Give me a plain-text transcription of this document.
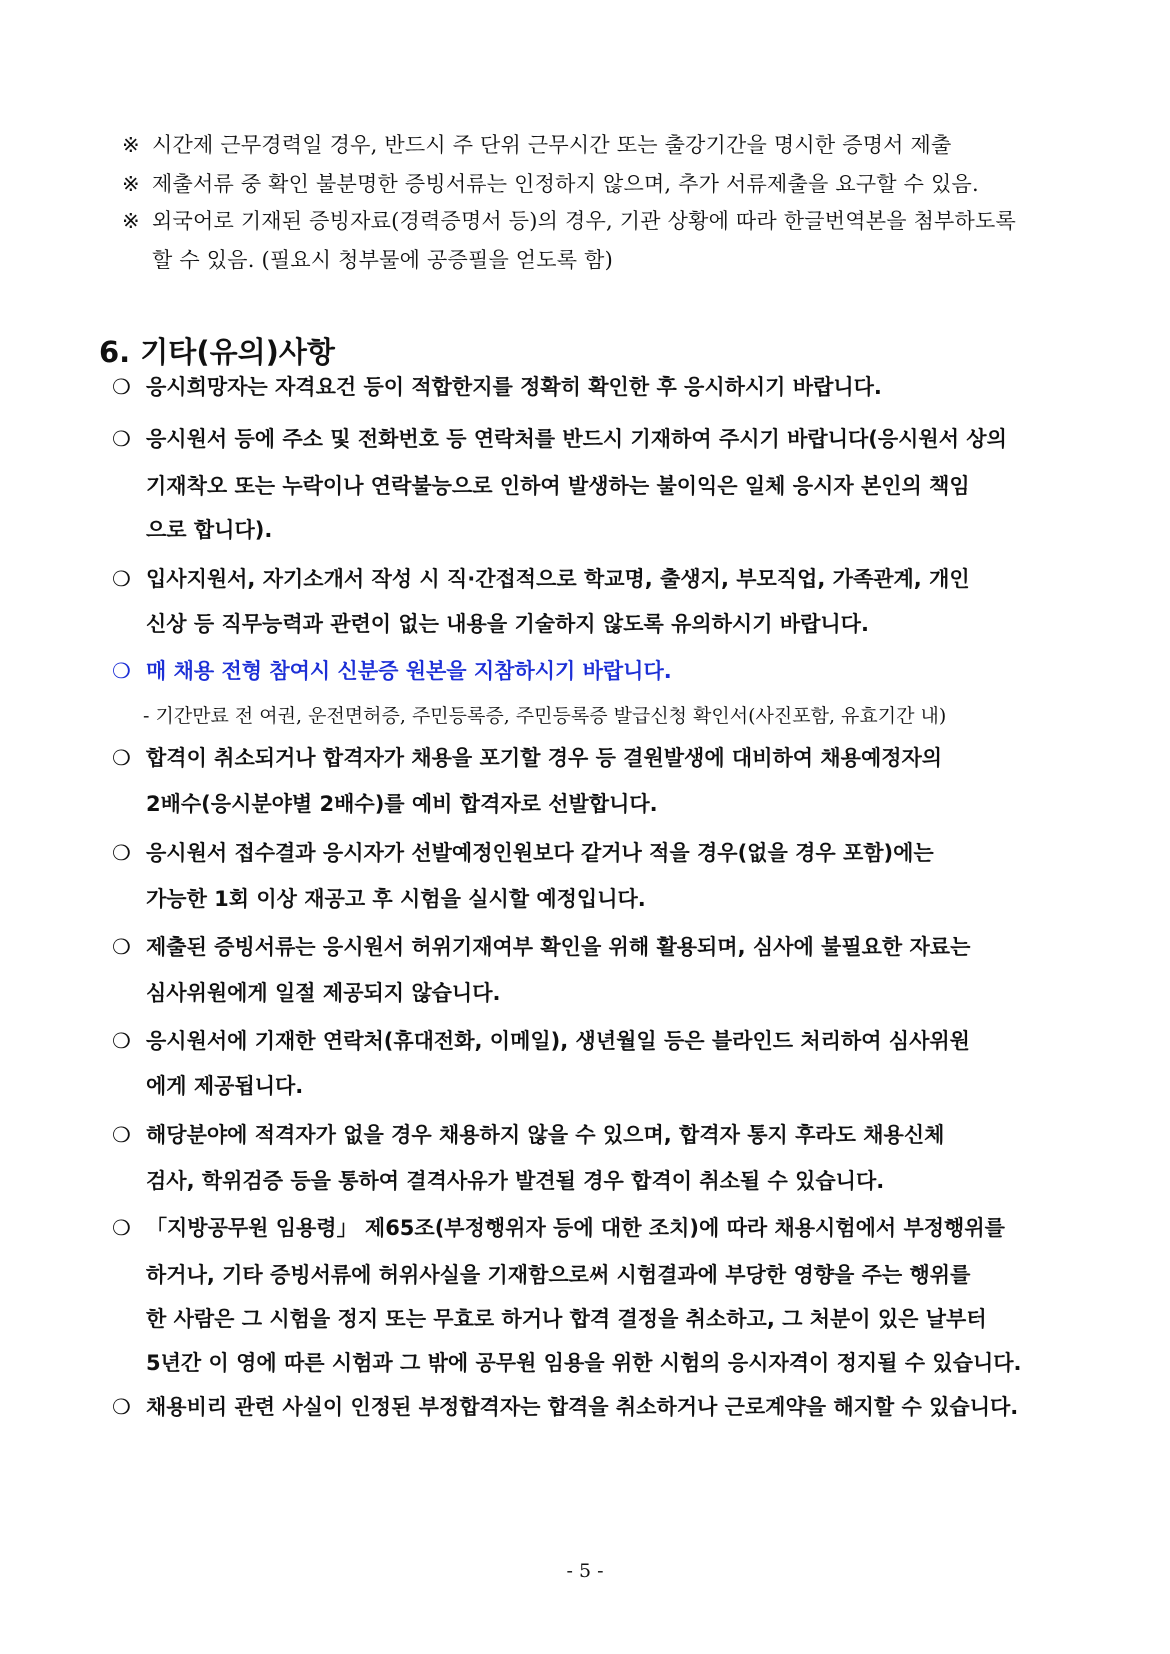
※ 시간제 근무경력일 경우, 반드시 주 단위 근무시간 또는 출강기간을 명시한 증명서 제출
※ 제출서류 중 확인 불분명한 증빙서류는 인정하지 않으며, 추가 서류제출을 요구할 수 있음.
※ 외국어로 기재된 증빙자료(경력증명서 등)의 경우, 기관 상황에 따라 한글번역본을 첨부하도록
할 수 있음. (필요시 청부물에 공증필을 얻도록 함)
6. 기타(유의)사항
❍ 응시희망자는 자격요건 등이 적합한지를 정확히 확인한 후 응시하시기 바랍니다.
❍ 응시원서 등에 주소 및 전화번호 등 연락처를 반드시 기재하여 주시기 바랍니다(응시원서 상의
기재착오 또는 누락이나 연락불능으로 인하여 발생하는 불이익은 일체 응시자 본인의 책임
으로 합니다).
❍ 입사지원서, 자기소개서 작성 시 직·간접적으로 학교명, 출생지, 부모직업, 가족관계, 개인
신상 등 직무능력과 관련이 없는 내용을 기술하지 않도록 유의하시기 바랍니다.
❍ 매 채용 전형 참여시 신분증 원본을 지참하시기 바랍니다.
- 기간만료 전 여권, 운전면허증, 주민등록증, 주민등록증 발급신청 확인서(사진포함, 유효기간 내)
❍ 합격이 취소되거나 합격자가 채용을 포기할 경우 등 결원발생에 대비하여 채용예정자의
2배수(응시분야별 2배수)를 예비 합격자로 선발합니다.
❍ 응시원서 접수결과 응시자가 선발예정인원보다 같거나 적을 경우(없을 경우 포함)에는
가능한 1회 이상 재공고 후 시험을 실시할 예정입니다.
❍ 제출된 증빙서류는 응시원서 허위기재여부 확인을 위해 활용되며, 심사에 불필요한 자료는
심사위원에게 일절 제공되지 않습니다.
❍ 응시원서에 기재한 연락처(휴대전화, 이메일), 생년월일 등은 블라인드 처리하여 심사위원
에게 제공됩니다.
❍ 해당분야에 적격자가 없을 경우 채용하지 않을 수 있으며, 합격자 통지 후라도 채용신체
검사, 학위검증 등을 통하여 결격사유가 발견될 경우 합격이 취소될 수 있습니다.
❍ 「지방공무원 임용령」 제65조(부정행위자 등에 대한 조치)에 따라 채용시험에서 부정행위를
하거나, 기타 증빙서류에 허위사실을 기재함으로써 시험결과에 부당한 영향을 주는 행위를
한 사람은 그 시험을 정지 또는 무효로 하거나 합격 결정을 취소하고, 그 처분이 있은 날부터
5년간 이 영에 따른 시험과 그 밖에 공무원 임용을 위한 시험의 응시자격이 정지될 수 있습니다.
❍ 채용비리 관련 사실이 인정된 부정합격자는 합격을 취소하거나 근로계약을 해지할 수 있습니다.
- 5 -
